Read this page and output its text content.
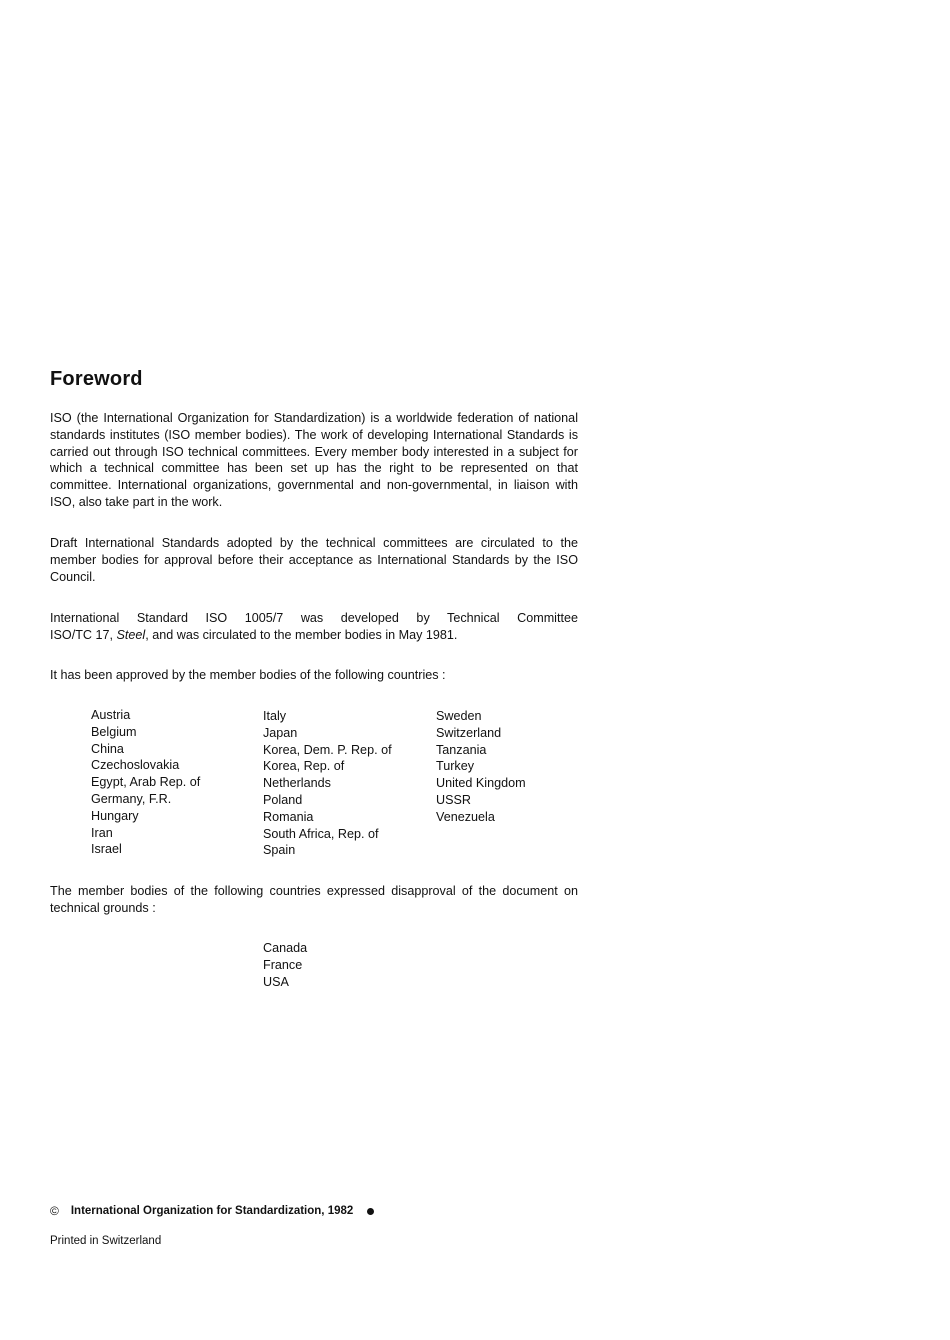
Foreword

ISO (the International Organization for Standardization) is a worldwide federation of national standards institutes (ISO member bodies). The work of developing International Standards is carried out through ISO technical committees. Every member body interested in a subject for which a technical committee has been set up has the right to be represented on that committee. International organizations, governmental and non-governmental, in liaison with ISO, also take part in the work.

Draft International Standards adopted by the technical committees are circulated to the member bodies for approval before their acceptance as International Standards by the ISO Council.

International Standard ISO 1005/7 was developed by Technical Committee
ISO/TC 17, Steel, and was circulated to the member bodies in May 1981.

It has been approved by the member bodies of the following countries :

Austria
Belgium
China
Czechoslovakia
Egypt, Arab Rep. of
Germany, F.R.
Hungary
Iran
Israel
Italy
Japan
Korea, Dem. P. Rep. of
Korea, Rep. of
Netherlands
Poland
Romania
South Africa, Rep. of
Spain
Sweden
Switzerland
Tanzania
Turkey
United Kingdom
USSR
Venezuela

The member bodies of the following countries expressed disapproval of the document on technical grounds :

Canada
France
USA
© International Organization for Standardization, 1982

Printed in Switzerland
